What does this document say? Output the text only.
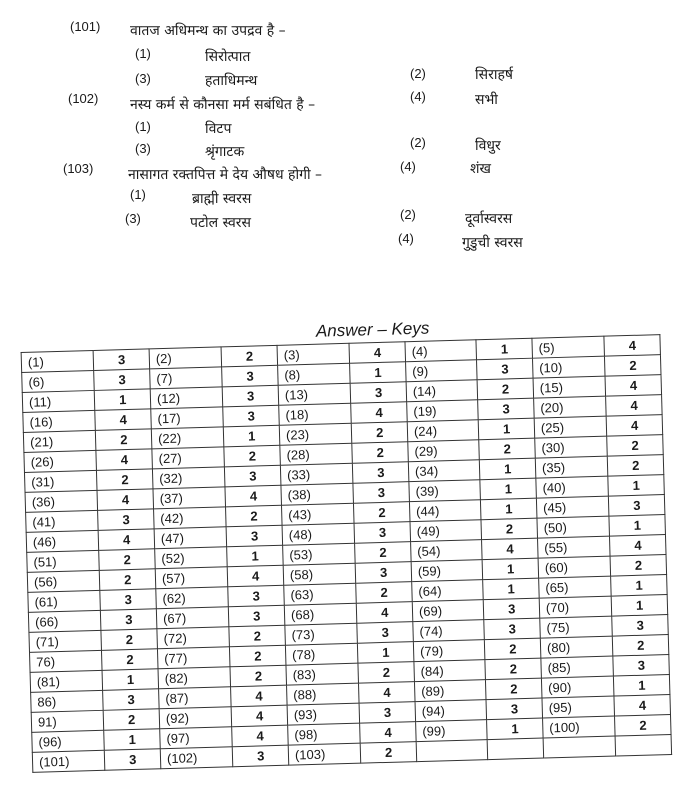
(101) वातज अधिमन्थ का उपद्रव है –
(1)	सिरोत्पात
(2)	सिराहर्ष
(3)	हताधिमन्थ
(4)	सभी
(102) नस्य कर्म से कौनसा मर्म सबंधित है –
(1)	विटप
(2)	विधुर
(3)	श्रृंगाटक
(4)	शंख
(103) नासागत रक्तपित्त मे देय औषध होगी –
(1)	ब्राह्मी स्वरस
(2)	दूर्वास्वरस
(3)	पटोल स्वरस
(4)	गुडुची स्वरस
Answer – Keys
(1)	3	(2)	2	(3)	4	(4)	1	(5)	4
(6)	3	(7)	3	(8)	1	(9)	3	(10)	2
(11)	1	(12)	3	(13)	3	(14)	2	(15)	4
(16)	4	(17)	3	(18)	4	(19)	3	(20)	4
(21)	2	(22)	1	(23)	2	(24)	1	(25)	4
(26)	4	(27)	2	(28)	2	(29)	2	(30)	2
(31)	2	(32)	3	(33)	3	(34)	1	(35)	2
(36)	4	(37)	4	(38)	3	(39)	1	(40)	1
(41)	3	(42)	2	(43)	2	(44)	1	(45)	3
(46)	4	(47)	3	(48)	3	(49)	2	(50)	1
(51)	2	(52)	1	(53)	2	(54)	4	(55)	4
(56)	2	(57)	4	(58)	3	(59)	1	(60)	2
(61)	3	(62)	3	(63)	2	(64)	1	(65)	1
(66)	3	(67)	3	(68)	4	(69)	3	(70)	1
(71)	2	(72)	2	(73)	3	(74)	3	(75)	3
76)	2	(77)	2	(78)	1	(79)	2	(80)	2
(81)	1	(82)	2	(83)	2	(84)	2	(85)	3
86)	3	(87)	4	(88)	4	(89)	2	(90)	1
91)	2	(92)	4	(93)	3	(94)	3	(95)	4
(96)	1	(97)	4	(98)	4	(99)	1	(100)	2
(101)	3	(102)	3	(103)	2				
